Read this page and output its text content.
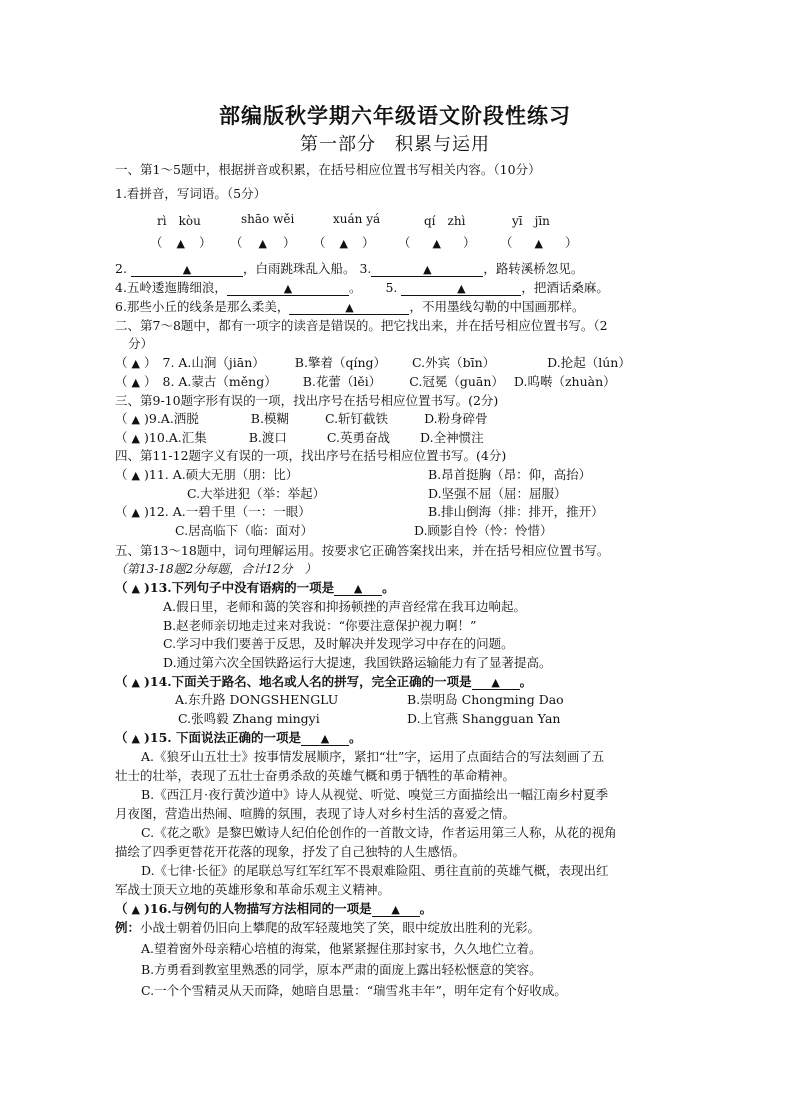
部编版秋学期六年级语文阶段性练习
第一部分　积累与运用
一、第1～5题中，根据拼音或积累，在括号相应位置书写相关内容。（10分）
1.看拼音，写词语。（5分）
rì　kòu	shāo wěi	xuán yá	qí　zhì	yī　jīn
（ ▲ ） （ ▲ ） （ ▲ ） （ ▲ ） （ ▲ ）
2.	▲	，白雨跳珠乱入船。 3.	▲	，路转溪桥忽见。
4.五岭逶迤腾细浪，	▲	。 5.	▲	，把酒话桑麻。
6.那些小丘的线条是那么柔美，	▲	，不用墨线勾勒的中国画那样。
二、第7～8题中，都有一项字的读音是错误的。把它找出来，并在括号相应位置书写。（2
分）
（ ▲ ） 7. A.山涧（jiān） B.擎着（qíng） C.外宾（bīn）	D.抡起（lún）
（ ▲ ） 8. A.蒙古（měng） B.花蕾（lěi） C.冠冕（guān） D.呜啭（zhuàn）
三、第9-10题字形有误的一项，找出序号在括号相应位置书写。(2分)
（ ▲ )9.A.洒脱	B.模糊	C.斩钉截铁	D.粉身碎骨
（ ▲ )10.A.汇集	B.渡口	C.英勇奋战 D.全神惯注
四、第11-12题字义有误的一项，找出序号在括号相应位置书写。(4分)
（ ▲ )11. A.硕大无朋（朋：比）	B.昂首挺胸（昂：仰，高抬）
C.大举进犯（举：举起）	D.坚强不屈（屈：屈服）
（ ▲ )12. A.一碧千里（一：一眼）	B.排山倒海（排：排开，推开）
C.居高临下（临：面对）	D.顾影自怜（怜：怜惜）
五、第13～18题中，词句理解运用。按要求它正确答案找出来，并在括号相应位置书写。
（第13-18题2分每题，合计12分　）
（ ▲ )13.下列句子中没有语病的一项是 ▲ 。
A.假日里，老师和蔼的笑容和抑扬顿挫的声音经常在我耳边响起。
B.赵老师亲切地走过来对我说：“你要注意保护视力啊！”
C.学习中我们要善于反思，及时解决并发现学习中存在的问题。
D.通过第六次全国铁路运行大提速，我国铁路运输能力有了显著提高。
（ ▲ )14.下面关于路名、地名或人名的拼写，完全正确的一项是 ▲ 。
A.东升路 DONGSHENGLU	B.崇明岛 Chongming Dao
C.张鸣毅 Zhang mingyi	D.上官燕 Shangguan Yan
（ ▲ )15. 下面说法正确的一项是 ▲ 。
A.《狼牙山五壮士》按事情发展顺序，紧扣“壮”字，运用了点面结合的写法刻画了五
壮士的壮举，表现了五壮士奋勇杀敌的英雄气概和勇于牺牲的革命精神。
B.《西江月·夜行黄沙道中》诗人从视觉、听觉、嗅觉三方面描绘出一幅江南乡村夏季
月夜图，营造出热闹、喧腾的氛围，表现了诗人对乡村生活的喜爱之情。
C.《花之歌》是黎巴嫩诗人纪伯伦创作的一首散文诗，作者运用第三人称，从花的视角
描绘了四季更替花开花落的现象，抒发了自己独特的人生感悟。
D.《七律·长征》的尾联总写红军红军不畏艰难险阻、勇往直前的英雄气概，表现出红
军战士顶天立地的英雄形象和革命乐观主义精神。
（ ▲ )16.与例句的人物描写方法相同的一项是 ▲ 。
例：小战士朝着仍旧向上攀爬的敌军轻蔑地笑了笑，眼中绽放出胜利的光彩。
A.望着窗外母亲精心培植的海棠，他紧紧握住那封家书，久久地伫立着。
B.方勇看到教室里熟悉的同学，原本严肃的面庞上露出轻松惬意的笑容。
C.一个个雪精灵从天而降，她暗自思量：“瑞雪兆丰年”，明年定有个好收成。
